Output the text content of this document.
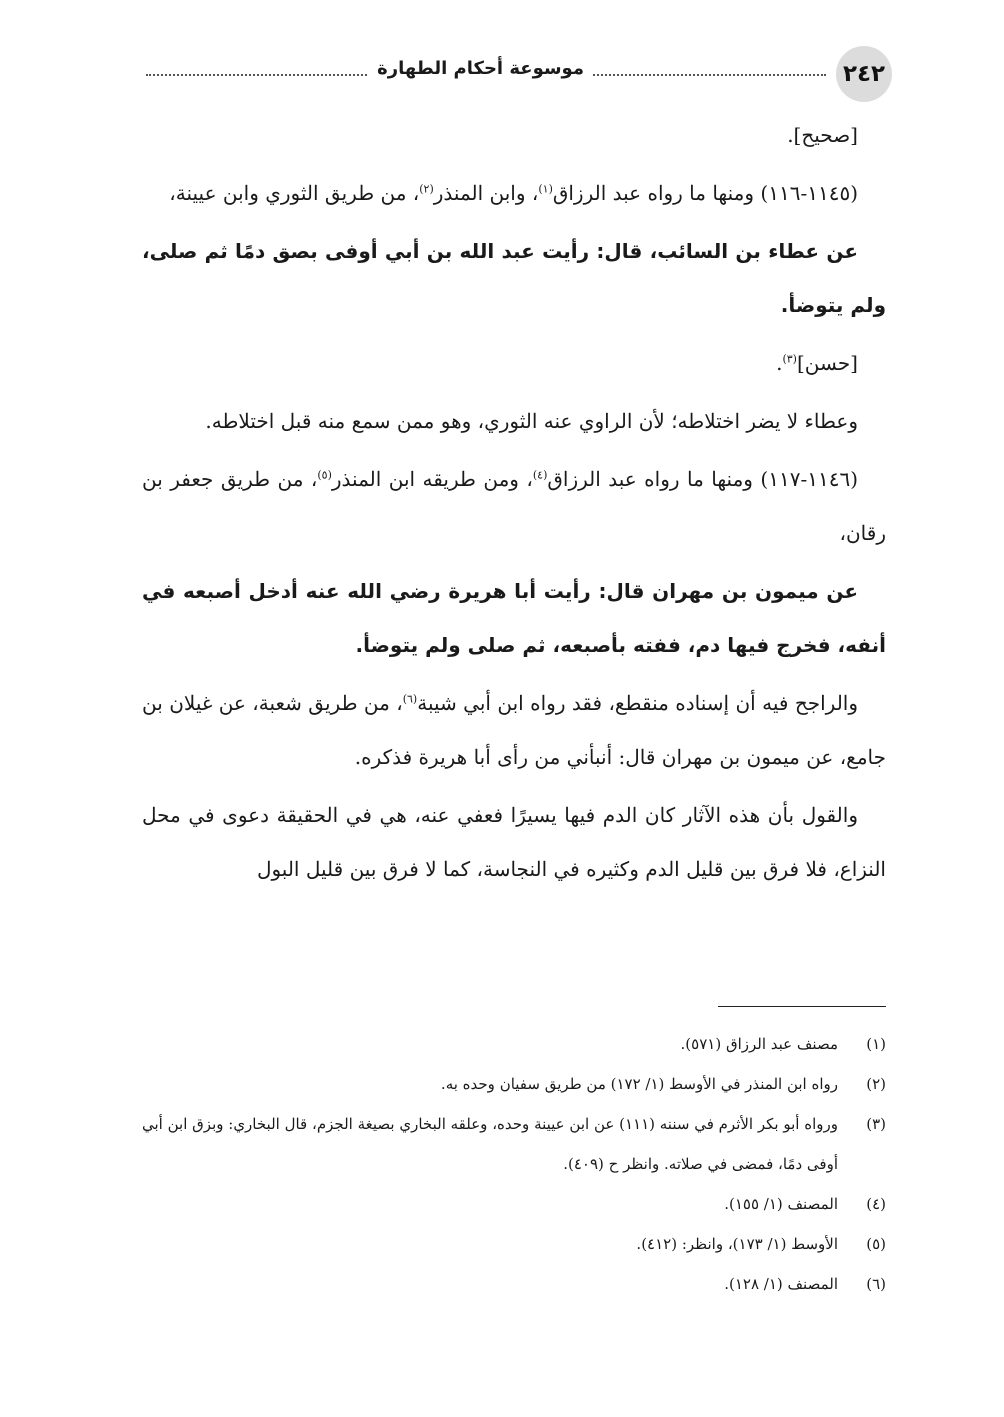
٢٤٢
موسوعة أحكام الطهارة

[صحيح].

(١١٤٥-١١٦) ومنها ما رواه عبد الرزاق$^{(١)}$، وابن المنذر$^{(٢)}$، من طريق الثوري وابن عيينة،

عن عطاء بن السائب، قال: رأيت عبد الله بن أبي أوفى بصق دمًا ثم صلى، ولم يتوضأ.

[حسن]$^{(٣)}$.

وعطاء لا يضر اختلاطه؛ لأن الراوي عنه الثوري، وهو ممن سمع منه قبل اختلاطه.

(١١٤٦-١١٧) ومنها ما رواه عبد الرزاق$^{(٤)}$، ومن طريقه ابن المنذر$^{(٥)}$، من طريق جعفر بن رقان،

عن ميمون بن مهران قال: رأيت أبا هريرة رضي الله عنه أدخل أصبعه في أنفه، فخرج فيها دم، ففته بأصبعه، ثم صلى ولم يتوضأ.

والراجح فيه أن إسناده منقطع، فقد رواه ابن أبي شيبة$^{(٦)}$، من طريق شعبة، عن غيلان بن جامع، عن ميمون بن مهران قال: أنبأني من رأى أبا هريرة فذكره.

والقول بأن هذه الآثار كان الدم فيها يسيرًا فعفي عنه، هي في الحقيقة دعوى في محل النزاع، فلا فرق بين قليل الدم وكثيره في النجاسة، كما لا فرق بين قليل البول

(١)
مصنف عبد الرزاق (٥٧١).
(٢)
رواه ابن المنذر في الأوسط (١/ ١٧٢) من طريق سفيان وحده به.
(٣)
ورواه أبو بكر الأثرم في سننه (١١١) عن ابن عيينة وحده، وعلقه البخاري بصيغة الجزم، قال البخاري: وبزق ابن أبي أوفى دمًا، فمضى في صلاته. وانظر ح (٤٠٩).
(٤)
المصنف (١/ ١٥٥).
(٥)
الأوسط (١/ ١٧٣)، وانظر: (٤١٢).
(٦)
المصنف (١/ ١٢٨).
